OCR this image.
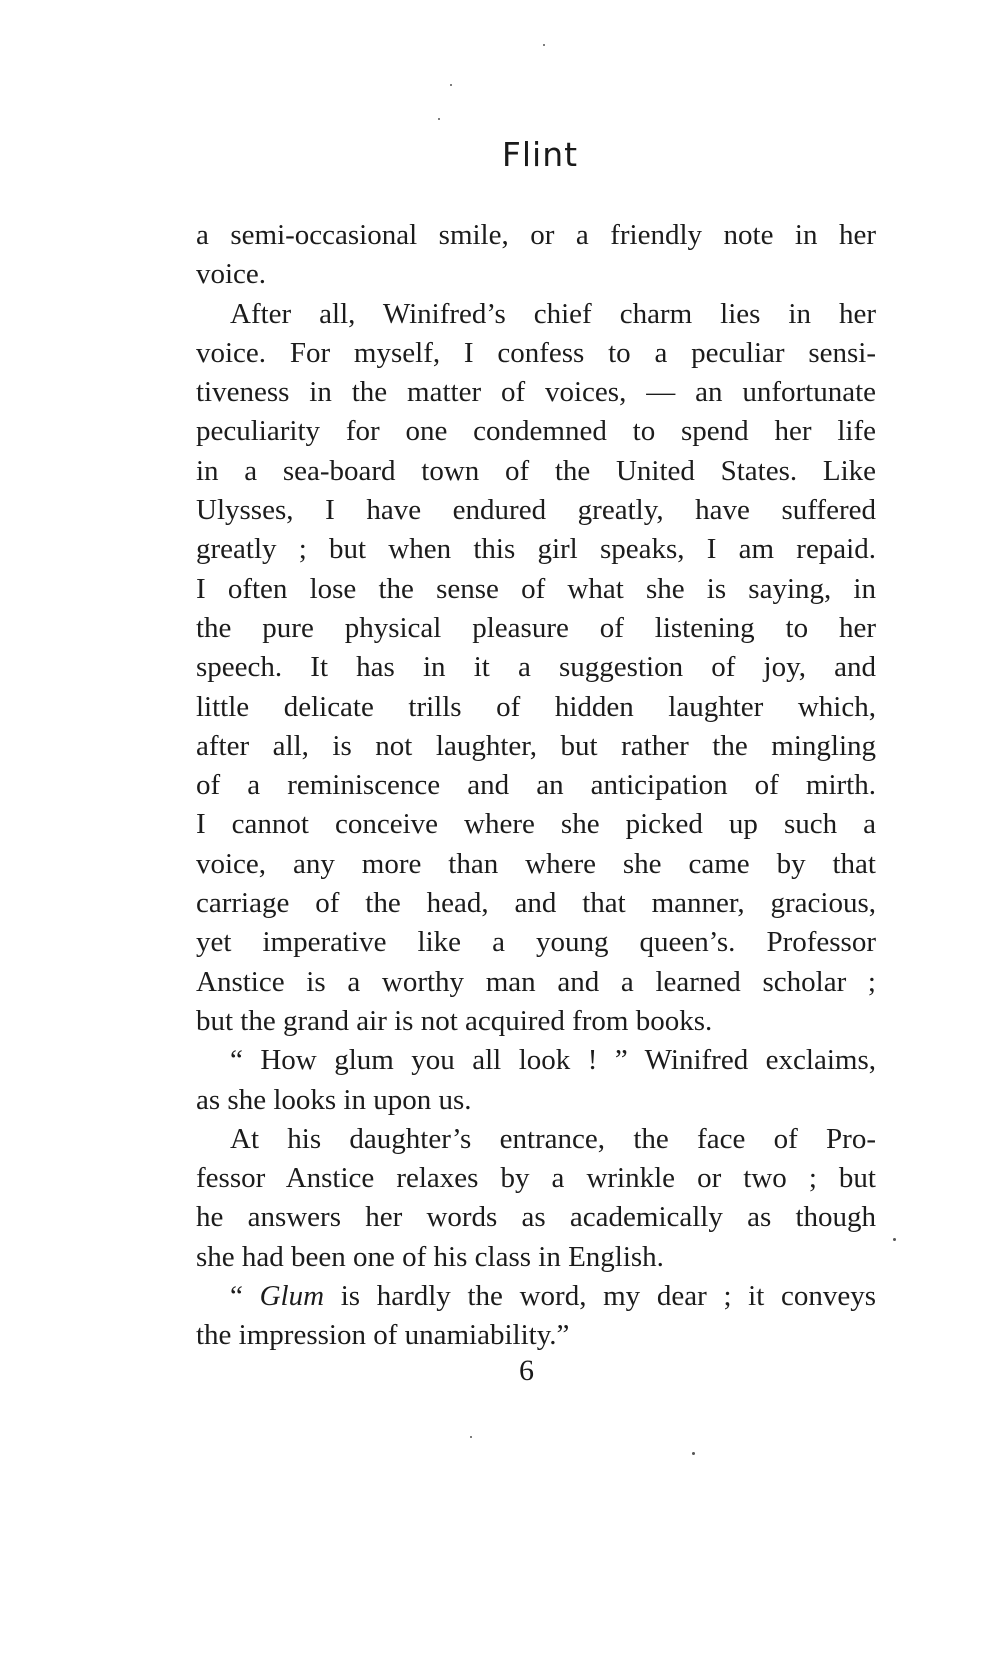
Flint
a semi-occasional smile, or a friendly note in her
voice.
After all, Winifred’s chief charm lies in her
voice. For myself, I confess to a peculiar sensi-
tiveness in the matter of voices, — an unfortunate
peculiarity for one condemned to spend her life
in a sea-board town of the United States. Like
Ulysses, I have endured greatly, have suffered
greatly ; but when this girl speaks, I am repaid.
I often lose the sense of what she is saying, in
the pure physical pleasure of listening to her
speech. It has in it a suggestion of joy, and
little delicate trills of hidden laughter which,
after all, is not laughter, but rather the mingling
of a reminiscence and an anticipation of mirth.
I cannot conceive where she picked up such a
voice, any more than where she came by that
carriage of the head, and that manner, gracious,
yet imperative like a young queen’s. Professor
Anstice is a worthy man and a learned scholar ;
but the grand air is not acquired from books.
“ How glum you all look ! ” Winifred exclaims,
as she looks in upon us.
At his daughter’s entrance, the face of Pro-
fessor Anstice relaxes by a wrinkle or two ; but
he answers her words as academically as though
she had been one of his class in English.
“ Glum is hardly the word, my dear ; it conveys
the impression of unamiability.”
6
